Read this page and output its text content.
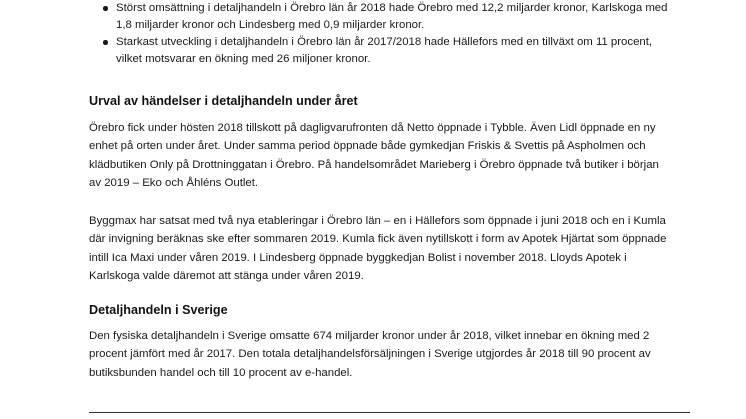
Störst omsättning i detaljhandeln i Örebro län år 2018 hade Örebro med 12,2 miljarder kronor, Karlskoga med 1,8 miljarder kronor och Lindesberg med 0,9 miljarder kronor.
Starkast utveckling i detaljhandeln i Örebro län år 2017/2018 hade Hällefors med en tillväxt om 11 procent, vilket motsvarar en ökning med 26 miljoner kronor.
Urval av händelser i detaljhandeln under året

Örebro fick under hösten 2018 tillskott på dagligvarufronten då Netto öppnade i Tybble. Även Lidl öppnade en ny enhet på orten under året. Under samma period öppnade både gymkedjan Friskis & Svettis på Aspholmen och klädbutiken Only på Drottninggatan i Örebro. På handelsområdet Marieberg i Örebro öppnade två butiker i början av 2019 – Eko och Åhléns Outlet.

Byggmax har satsat med två nya etableringar i Örebro län – en i Hällefors som öppnade i juni 2018 och en i Kumla där invigning beräknas ske efter sommaren 2019. Kumla fick även nytillskott i form av Apotek Hjärtat som öppnade intill Ica Maxi under våren 2019. I Lindesberg öppnade byggkedjan Bolist i november 2018. Lloyds Apotek i Karlskoga valde däremot att stänga under våren 2019.

Detaljhandeln i Sverige

Den fysiska detaljhandeln i Sverige omsatte 674 miljarder kronor under år 2018, vilket innebar en ökning med 2 procent jämfört med år 2017. Den totala detaljhandelsförsäljningen i Sverige utgjordes år 2018 till 90 procent av butiksbunden handel och till 10 procent av e-handel.
